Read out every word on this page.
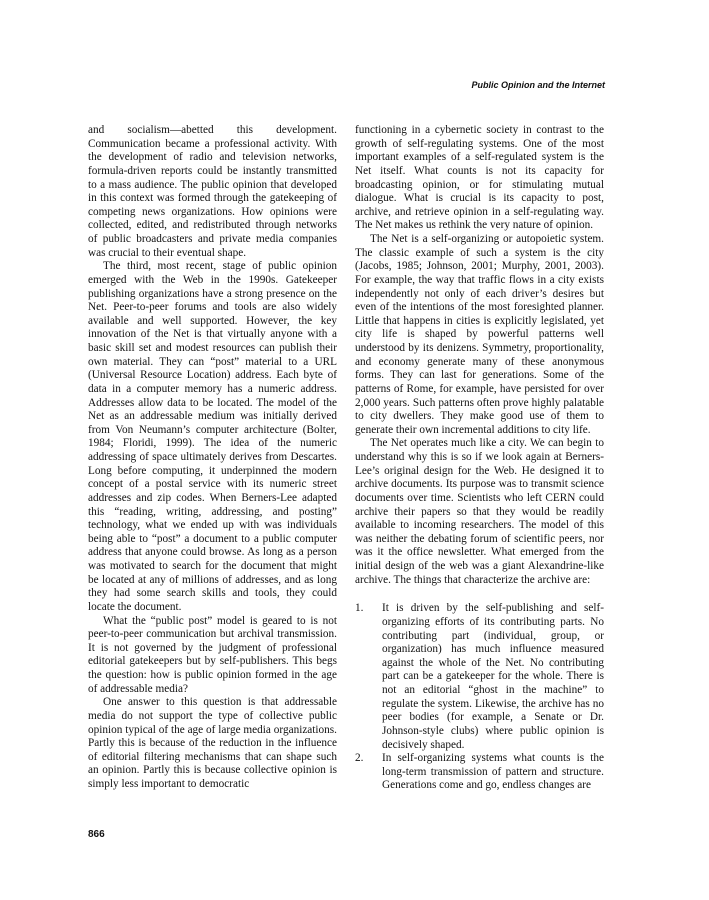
Public Opinion and the Internet

and socialism—abetted this development. Communication became a professional activity. With the development of radio and television networks, formula-driven reports could be instantly transmitted to a mass audience. The public opinion that developed in this context was formed through the gatekeeping of competing news organizations. How opinions were collected, edited, and redistributed through networks of public broadcasters and private media companies was crucial to their eventual shape.

The third, most recent, stage of public opinion emerged with the Web in the 1990s. Gatekeeper publishing organizations have a strong presence on the Net. Peer-to-peer forums and tools are also widely available and well supported. However, the key innovation of the Net is that virtually anyone with a basic skill set and modest resources can publish their own material. They can “post” material to a URL (Universal Resource Location) address. Each byte of data in a computer memory has a numeric address. Addresses allow data to be located. The model of the Net as an addressable medium was initially derived from Von Neumann’s computer architecture (Bolter, 1984; Floridi, 1999). The idea of the numeric addressing of space ultimately derives from Descartes. Long before computing, it underpinned the modern concept of a postal service with its numeric street addresses and zip codes. When Berners-Lee adapted this “reading, writing, addressing, and posting” technology, what we ended up with was individuals being able to “post” a document to a public computer address that anyone could browse. As long as a person was motivated to search for the document that might be located at any of millions of addresses, and as long they had some search skills and tools, they could locate the document.

What the “public post” model is geared to is not peer-to-peer communication but archival transmission. It is not governed by the judgment of professional editorial gatekeepers but by self-publishers. This begs the question: how is public opinion formed in the age of addressable media?

One answer to this question is that addressable media do not support the type of collective public opinion typical of the age of large media organizations. Partly this is because of the reduction in the influence of editorial filtering mechanisms that can shape such an opinion. Partly this is because collective opinion is simply less important to democratic

functioning in a cybernetic society in contrast to the growth of self-regulating systems. One of the most important examples of a self-regulated system is the Net itself. What counts is not its capacity for broadcasting opinion, or for stimulating mutual dialogue. What is crucial is its capacity to post, archive, and retrieve opinion in a self-regulating way. The Net makes us rethink the very nature of opinion.

The Net is a self-organizing or autopoietic system. The classic example of such a system is the city (Jacobs, 1985; Johnson, 2001; Murphy, 2001, 2003). For example, the way that traffic flows in a city exists independently not only of each driver’s desires but even of the intentions of the most foresighted planner. Little that happens in cities is explicitly legislated, yet city life is shaped by powerful patterns well understood by its denizens. Symmetry, proportionality, and economy generate many of these anonymous forms. They can last for generations. Some of the patterns of Rome, for example, have persisted for over 2,000 years. Such patterns often prove highly palatable to city dwellers. They make good use of them to generate their own incremental additions to city life.

The Net operates much like a city. We can begin to understand why this is so if we look again at Berners-Lee’s original design for the Web. He designed it to archive documents. Its purpose was to transmit science documents over time. Scientists who left CERN could archive their papers so that they would be readily available to incoming researchers. The model of this was neither the debating forum of scientific peers, nor was it the office newsletter. What emerged from the initial design of the web was a giant Alexandrine-like archive. The things that characterize the archive are:

1.	It is driven by the self-publishing and self-organizing efforts of its contributing parts. No contributing part (individual, group, or organization) has much influence measured against the whole of the Net. No contributing part can be a gatekeeper for the whole. There is not an editorial “ghost in the machine” to regulate the system. Likewise, the archive has no peer bodies (for example, a Senate or Dr. Johnson-style clubs) where public opinion is decisively shaped.
2.	In self-organizing systems what counts is the long-term transmission of pattern and structure. Generations come and go, endless changes are
866
